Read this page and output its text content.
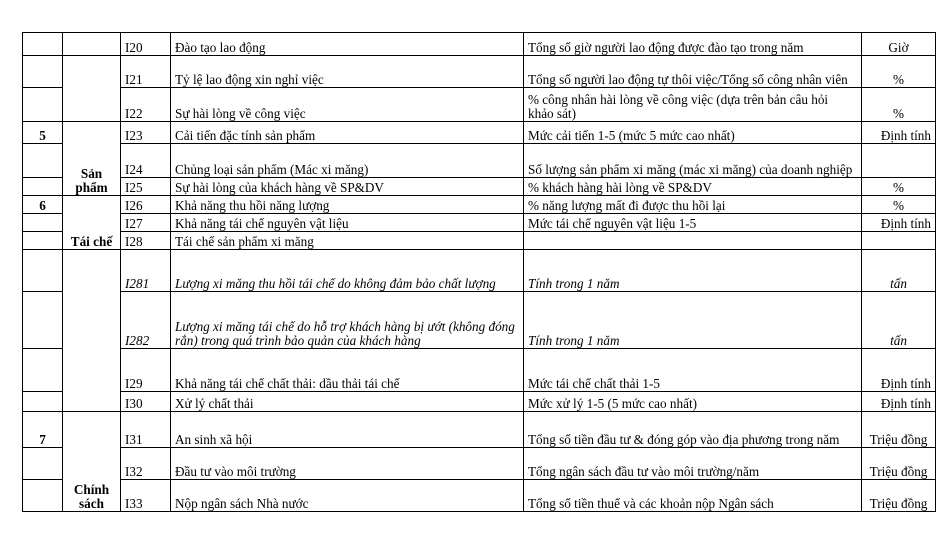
		I20	Đào tạo lao động	Tổng số giờ người lao động được đào tạo trong năm	Giờ
		I21	Tỷ lệ lao động xin nghỉ việc	Tổng số người lao động tự thôi việc/Tổng số công nhân viên	%
		I22	Sự hài lòng về công việc	% công nhân hài lòng về công việc (dựa trên bản câu hỏi khảo sát)	%
5	Sản phẩm	I23	Cải tiến đặc tính sản phẩm	Mức cải tiến 1-5 (mức 5 mức cao nhất)	Định tính
		I24	Chủng loại sản phẩm (Mác xi măng)	Số lượng sản phẩm xi măng (mác xi măng) của doanh nghiệp	
		I25	Sự hài lòng của khách hàng về SP&DV	% khách hàng hài lòng về SP&DV	%
6	Tái chế	I26	Khả năng thu hồi năng lượng	% năng lượng mất đi được thu hồi lại	%
		I27	Khả năng tái chế nguyên vật liệu	Mức tái chế nguyên vật liệu 1-5	Định tính
		I28	Tái chế sản phẩm xi măng		
		I281	Lượng xi măng thu hồi tái chế do không đảm bảo chất lượng	Tính trong 1 năm	tấn
		I282	Lượng xi măng tái chế do hỗ trợ khách hàng bị ướt (không đóng rắn) trong quá trình bảo quản của khách hàng	Tính trong 1 năm	tấn
		I29	Khả năng tái chế chất thải: dầu thải tái chế	Mức tái chế chất thải 1-5	Định tính
		I30	Xử lý chất thải	Mức xử lý 1-5 (5 mức cao nhất)	Định tính
7	Chính sách	I31	An sinh xã hội	Tổng số tiền đầu tư & đóng góp vào địa phương trong năm	Triệu đồng
		I32	Đầu tư vào môi trường	Tổng ngân sách đầu tư vào môi trường/năm	Triệu đồng
		I33	Nộp ngân sách Nhà nước	Tổng số tiền thuế và các khoản nộp Ngân sách	Triệu đồng
